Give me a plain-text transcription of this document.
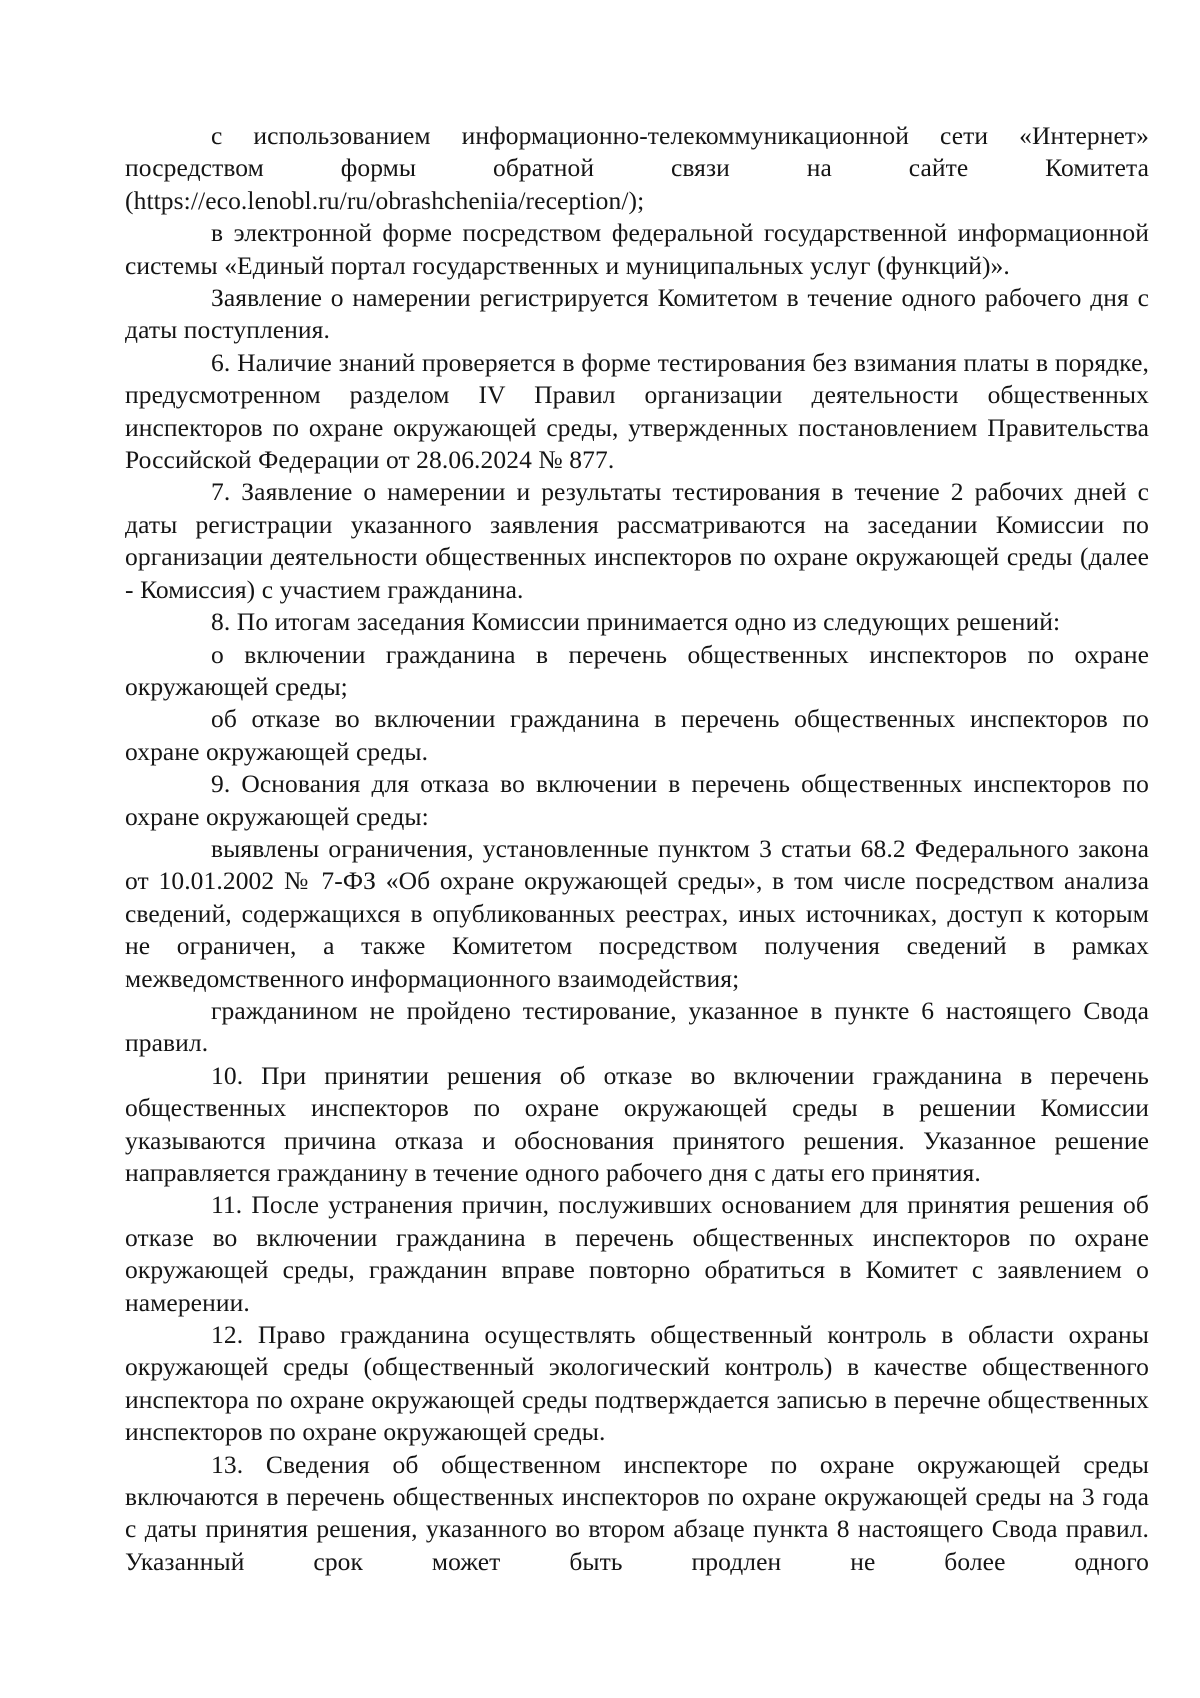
с использованием информационно-телекоммуникационной сети «Интернет» посредством формы обратной связи на сайте Комитета (https://eco.lenobl.ru/ru/obrashcheniia/reception/);

в электронной форме посредством федеральной государственной информационной системы «Единый портал государственных и муниципальных услуг (функций)».

Заявление о намерении регистрируется Комитетом в течение одного рабочего дня с даты поступления.

6. Наличие знаний проверяется в форме тестирования без взимания платы в порядке, предусмотренном разделом IV Правил организации деятельности общественных инспекторов по охране окружающей среды, утвержденных постановлением Правительства Российской Федерации от 28.06.2024 № 877.

7. Заявление о намерении и результаты тестирования в течение 2 рабочих дней с даты регистрации указанного заявления рассматриваются на заседании Комиссии по организации деятельности общественных инспекторов по охране окружающей среды (далее - Комиссия) с участием гражданина.

8. По итогам заседания Комиссии принимается одно из следующих решений:

о включении гражданина в перечень общественных инспекторов по охране окружающей среды;

об отказе во включении гражданина в перечень общественных инспекторов по охране окружающей среды.

9. Основания для отказа во включении в перечень общественных инспекторов по охране окружающей среды:

выявлены ограничения, установленные пунктом 3 статьи 68.2 Федерального закона от 10.01.2002 № 7-ФЗ «Об охране окружающей среды», в том числе посредством анализа сведений, содержащихся в опубликованных реестрах, иных источниках, доступ к которым не ограничен, а также Комитетом посредством получения сведений в рамках межведомственного информационного взаимодействия;

гражданином не пройдено тестирование, указанное в пункте 6 настоящего Свода правил.

10. При принятии решения об отказе во включении гражданина в перечень общественных инспекторов по охране окружающей среды в решении Комиссии указываются причина отказа и обоснования принятого решения. Указанное решение направляется гражданину в течение одного рабочего дня с даты его принятия.

11. После устранения причин, послуживших основанием для принятия решения об отказе во включении гражданина в перечень общественных инспекторов по охране окружающей среды, гражданин вправе повторно обратиться в Комитет с заявлением о намерении.

12. Право гражданина осуществлять общественный контроль в области охраны окружающей среды (общественный экологический контроль) в качестве общественного инспектора по охране окружающей среды подтверждается записью в перечне общественных инспекторов по охране окружающей среды.

13. Сведения об общественном инспекторе по охране окружающей среды включаются в перечень общественных инспекторов по охране окружающей среды на 3 года с даты принятия решения, указанного во втором абзаце пункта 8 настоящего Свода правил. Указанный срок может быть продлен не более одного
